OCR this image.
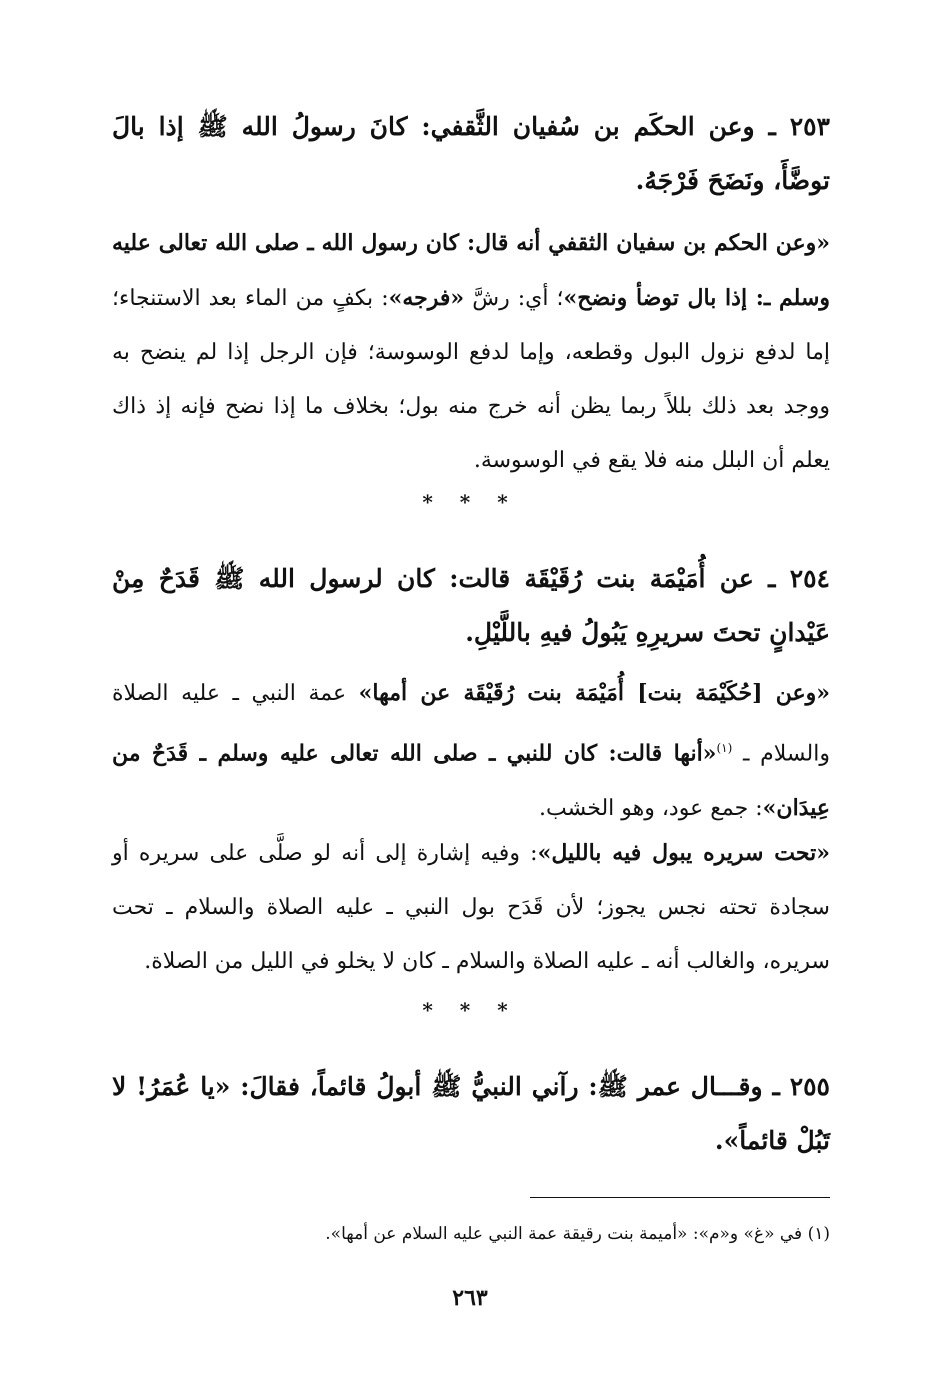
٢٥٣ ـ وعن الحكَم بن سُفيان الثَّقفي: كانَ رسولُ الله ﷺ إذا بالَ توضَّأَ، ونَضَحَ فَرْجَهُ.
«وعن الحكم بن سفيان الثقفي أنه قال: كان رسول الله ـ صلى الله تعالى عليه وسلم ـ: إذا بال توضأ ونضح»؛ أي: رشَّ «فرجه»: بكفٍ من الماء بعد الاستنجاء؛ إما لدفع نزول البول وقطعه، وإما لدفع الوسوسة؛ فإن الرجل إذا لم ينضح به ووجد بعد ذلك بللاً ربما يظن أنه خرج منه بول؛ بخلاف ما إذا نضح فإنه إذ ذاك يعلم أن البلل منه فلا يقع في الوسوسة.
* * *
٢٥٤ ـ عن أُمَيْمَة بنت رُقَيْقَة قالت: كان لرسول الله ﷺ قَدَحٌ مِنْ عَيْدانٍ تحتَ سريرِهِ يَبُولُ فيهِ باللَّيْلِ.
«وعن [حُكَيْمَة بنت] أُمَيْمَة بنت رُقَيْقَة عن أمها» عمة النبي ـ عليه الصلاة والسلام ـ $^{(١)}$«أنها قالت: كان للنبي ـ صلى الله تعالى عليه وسلم ـ قَدَحٌ من عِيدَان»: جمع عود، وهو الخشب.
«تحت سريره يبول فيه بالليل»: وفيه إشارة إلى أنه لو صلَّى على سريره أو سجادة تحته نجس يجوز؛ لأن قَدَح بول النبي ـ عليه الصلاة والسلام ـ تحت سريره، والغالب أنه ـ عليه الصلاة والسلام ـ كان لا يخلو في الليل من الصلاة.
* * *
٢٥٥ ـ وقـــال عمر ﷺ: رآني النبيُّ ﷺ أبولُ قائماً، فقالَ: «يا عُمَرُ! لا تَبُلْ قائماً».
(١) في «غ» و«م»: «أميمة بنت رقيقة عمة النبي عليه السلام عن أمها».
٢٦٣
